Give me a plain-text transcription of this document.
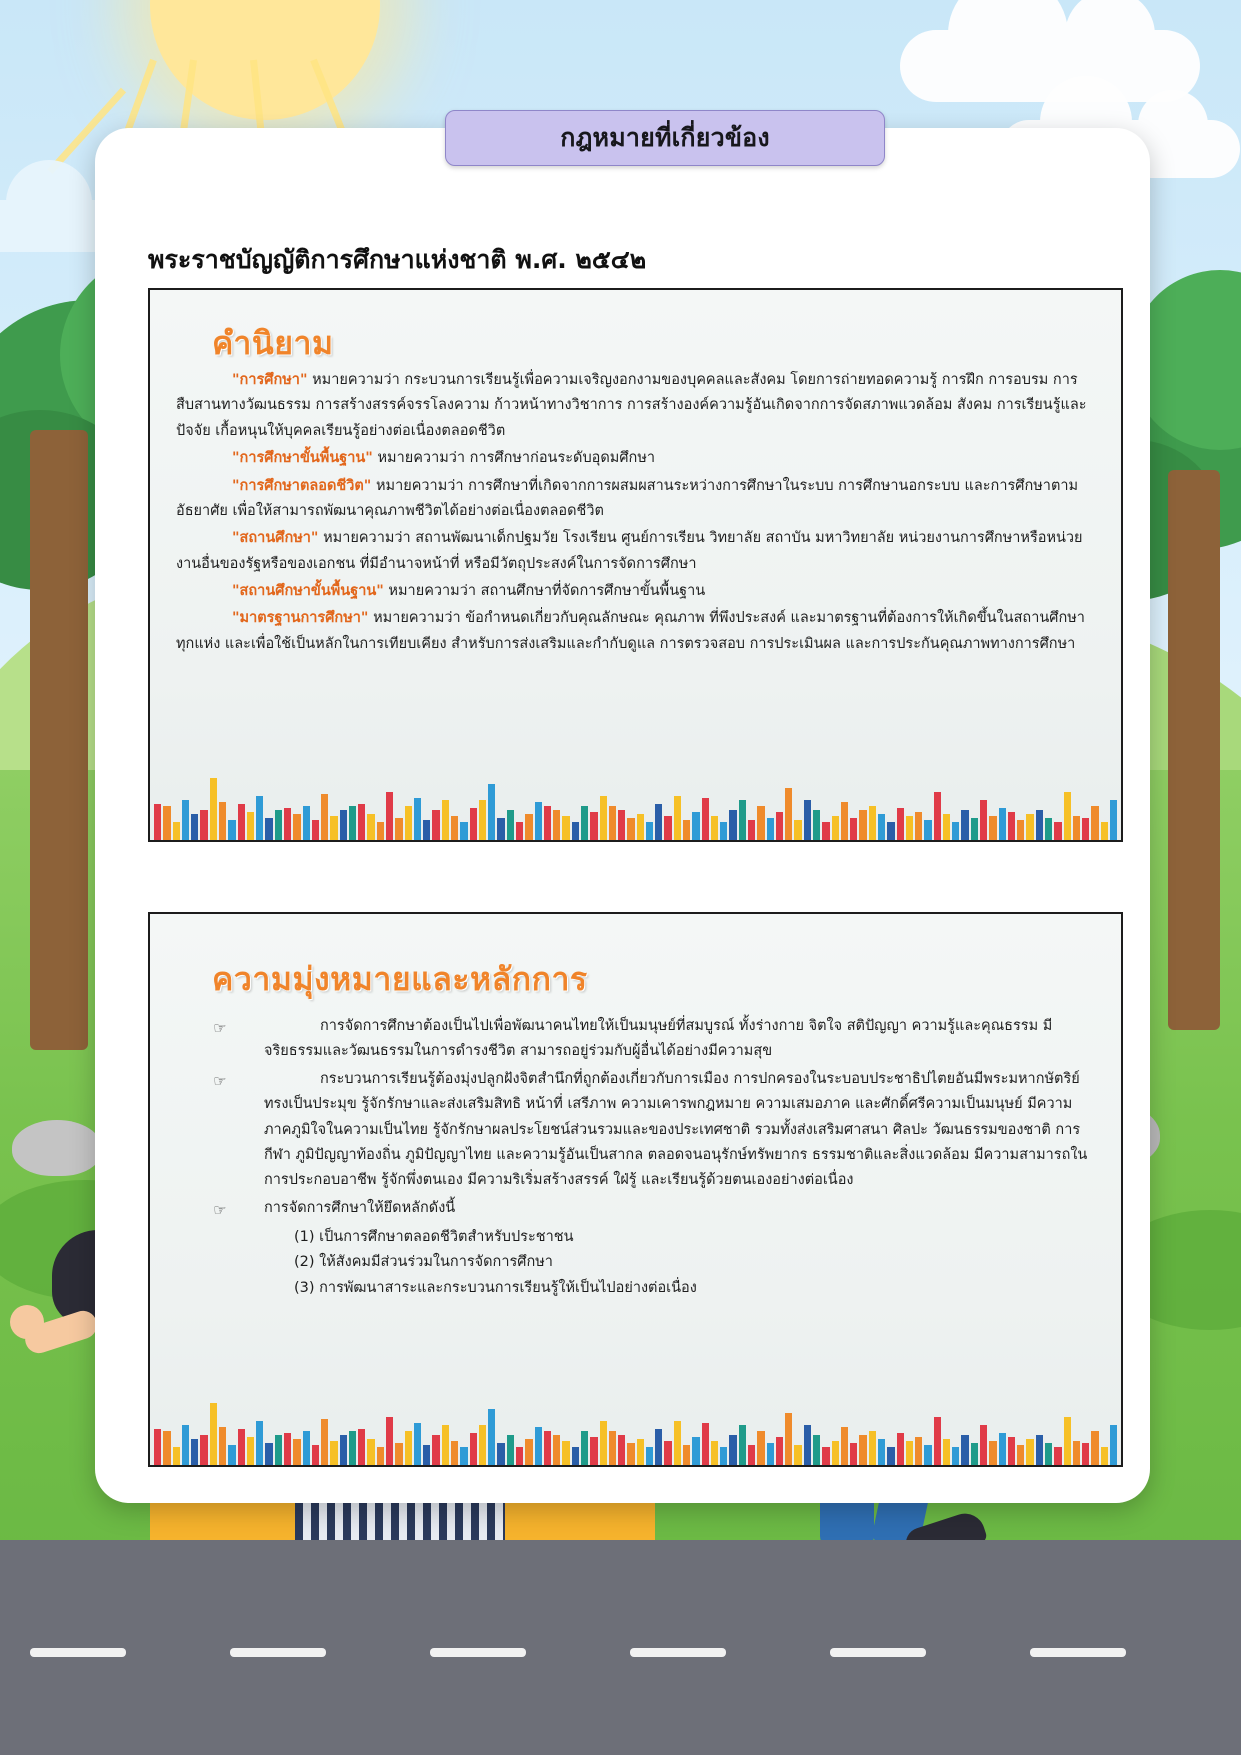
กฎหมายที่เกี่ยวข้อง
พระราชบัญญัติการศึกษาแห่งชาติ พ.ศ. ๒๕๔๒
คำนิยาม

"การศึกษา" หมายความว่า กระบวนการเรียนรู้เพื่อความเจริญงอกงามของบุคคลและสังคม โดยการถ่ายทอดความรู้ การฝึก การอบรม การสืบสานทางวัฒนธรรม การสร้างสรรค์จรรโลงความ ก้าวหน้าทางวิชาการ การสร้างองค์ความรู้อันเกิดจากการจัดสภาพแวดล้อม สังคม การเรียนรู้และปัจจัย เกื้อหนุนให้บุคคลเรียนรู้อย่างต่อเนื่องตลอดชีวิต

"การศึกษาขั้นพื้นฐาน" หมายความว่า การศึกษาก่อนระดับอุดมศึกษา

"การศึกษาตลอดชีวิต" หมายความว่า การศึกษาที่เกิดจากการผสมผสานระหว่างการศึกษาในระบบ การศึกษานอกระบบ และการศึกษาตามอัธยาศัย เพื่อให้สามารถพัฒนาคุณภาพชีวิตได้อย่างต่อเนื่องตลอดชีวิต

"สถานศึกษา" หมายความว่า สถานพัฒนาเด็กปฐมวัย โรงเรียน ศูนย์การเรียน วิทยาลัย สถาบัน มหาวิทยาลัย หน่วยงานการศึกษาหรือหน่วยงานอื่นของรัฐหรือของเอกชน ที่มีอำนาจหน้าที่ หรือมีวัตถุประสงค์ในการจัดการศึกษา

"สถานศึกษาขั้นพื้นฐาน" หมายความว่า สถานศึกษาที่จัดการศึกษาขั้นพื้นฐาน

"มาตรฐานการศึกษา" หมายความว่า ข้อกำหนดเกี่ยวกับคุณลักษณะ คุณภาพ ที่พึงประสงค์ และมาตรฐานที่ต้องการให้เกิดขึ้นในสถานศึกษาทุกแห่ง และเพื่อใช้เป็นหลักในการเทียบเคียง สำหรับการส่งเสริมและกำกับดูแล การตรวจสอบ การประเมินผล และการประกันคุณภาพทางการศึกษา

ความมุ่งหมายและหลักการ
☞	การจัดการศึกษาต้องเป็นไปเพื่อพัฒนาคนไทยให้เป็นมนุษย์ที่สมบูรณ์ ทั้งร่างกาย จิตใจ สติปัญญา ความรู้และคุณธรรม มีจริยธรรมและวัฒนธรรมในการดำรงชีวิต สามารถอยู่ร่วมกับผู้อื่นได้อย่างมีความสุข
☞	กระบวนการเรียนรู้ต้องมุ่งปลูกฝังจิตสำนึกที่ถูกต้องเกี่ยวกับการเมือง การปกครองในระบอบประชาธิปไตยอันมีพระมหากษัตริย์ทรงเป็นประมุข รู้จักรักษาและส่งเสริมสิทธิ หน้าที่ เสรีภาพ ความเคารพกฎหมาย ความเสมอภาค และศักดิ์ศรีความเป็นมนุษย์ มีความภาคภูมิใจในความเป็นไทย รู้จักรักษาผลประโยชน์ส่วนรวมและของประเทศชาติ รวมทั้งส่งเสริมศาสนา ศิลปะ วัฒนธรรมของชาติ การกีฬา ภูมิปัญญาท้องถิ่น ภูมิปัญญาไทย และความรู้อันเป็นสากล ตลอดจนอนุรักษ์ทรัพยากร ธรรมชาติและสิ่งแวดล้อม มีความสามารถในการประกอบอาชีพ รู้จักพึ่งตนเอง มีความริเริ่มสร้างสรรค์ ใฝ่รู้ และเรียนรู้ด้วยตนเองอย่างต่อเนื่อง
☞	การจัดการศึกษาให้ยึดหลักดังนี้
(1) เป็นการศึกษาตลอดชีวิตสำหรับประชาชน
(2) ให้สังคมมีส่วนร่วมในการจัดการศึกษา
(3) การพัฒนาสาระและกระบวนการเรียนรู้ให้เป็นไปอย่างต่อเนื่อง
